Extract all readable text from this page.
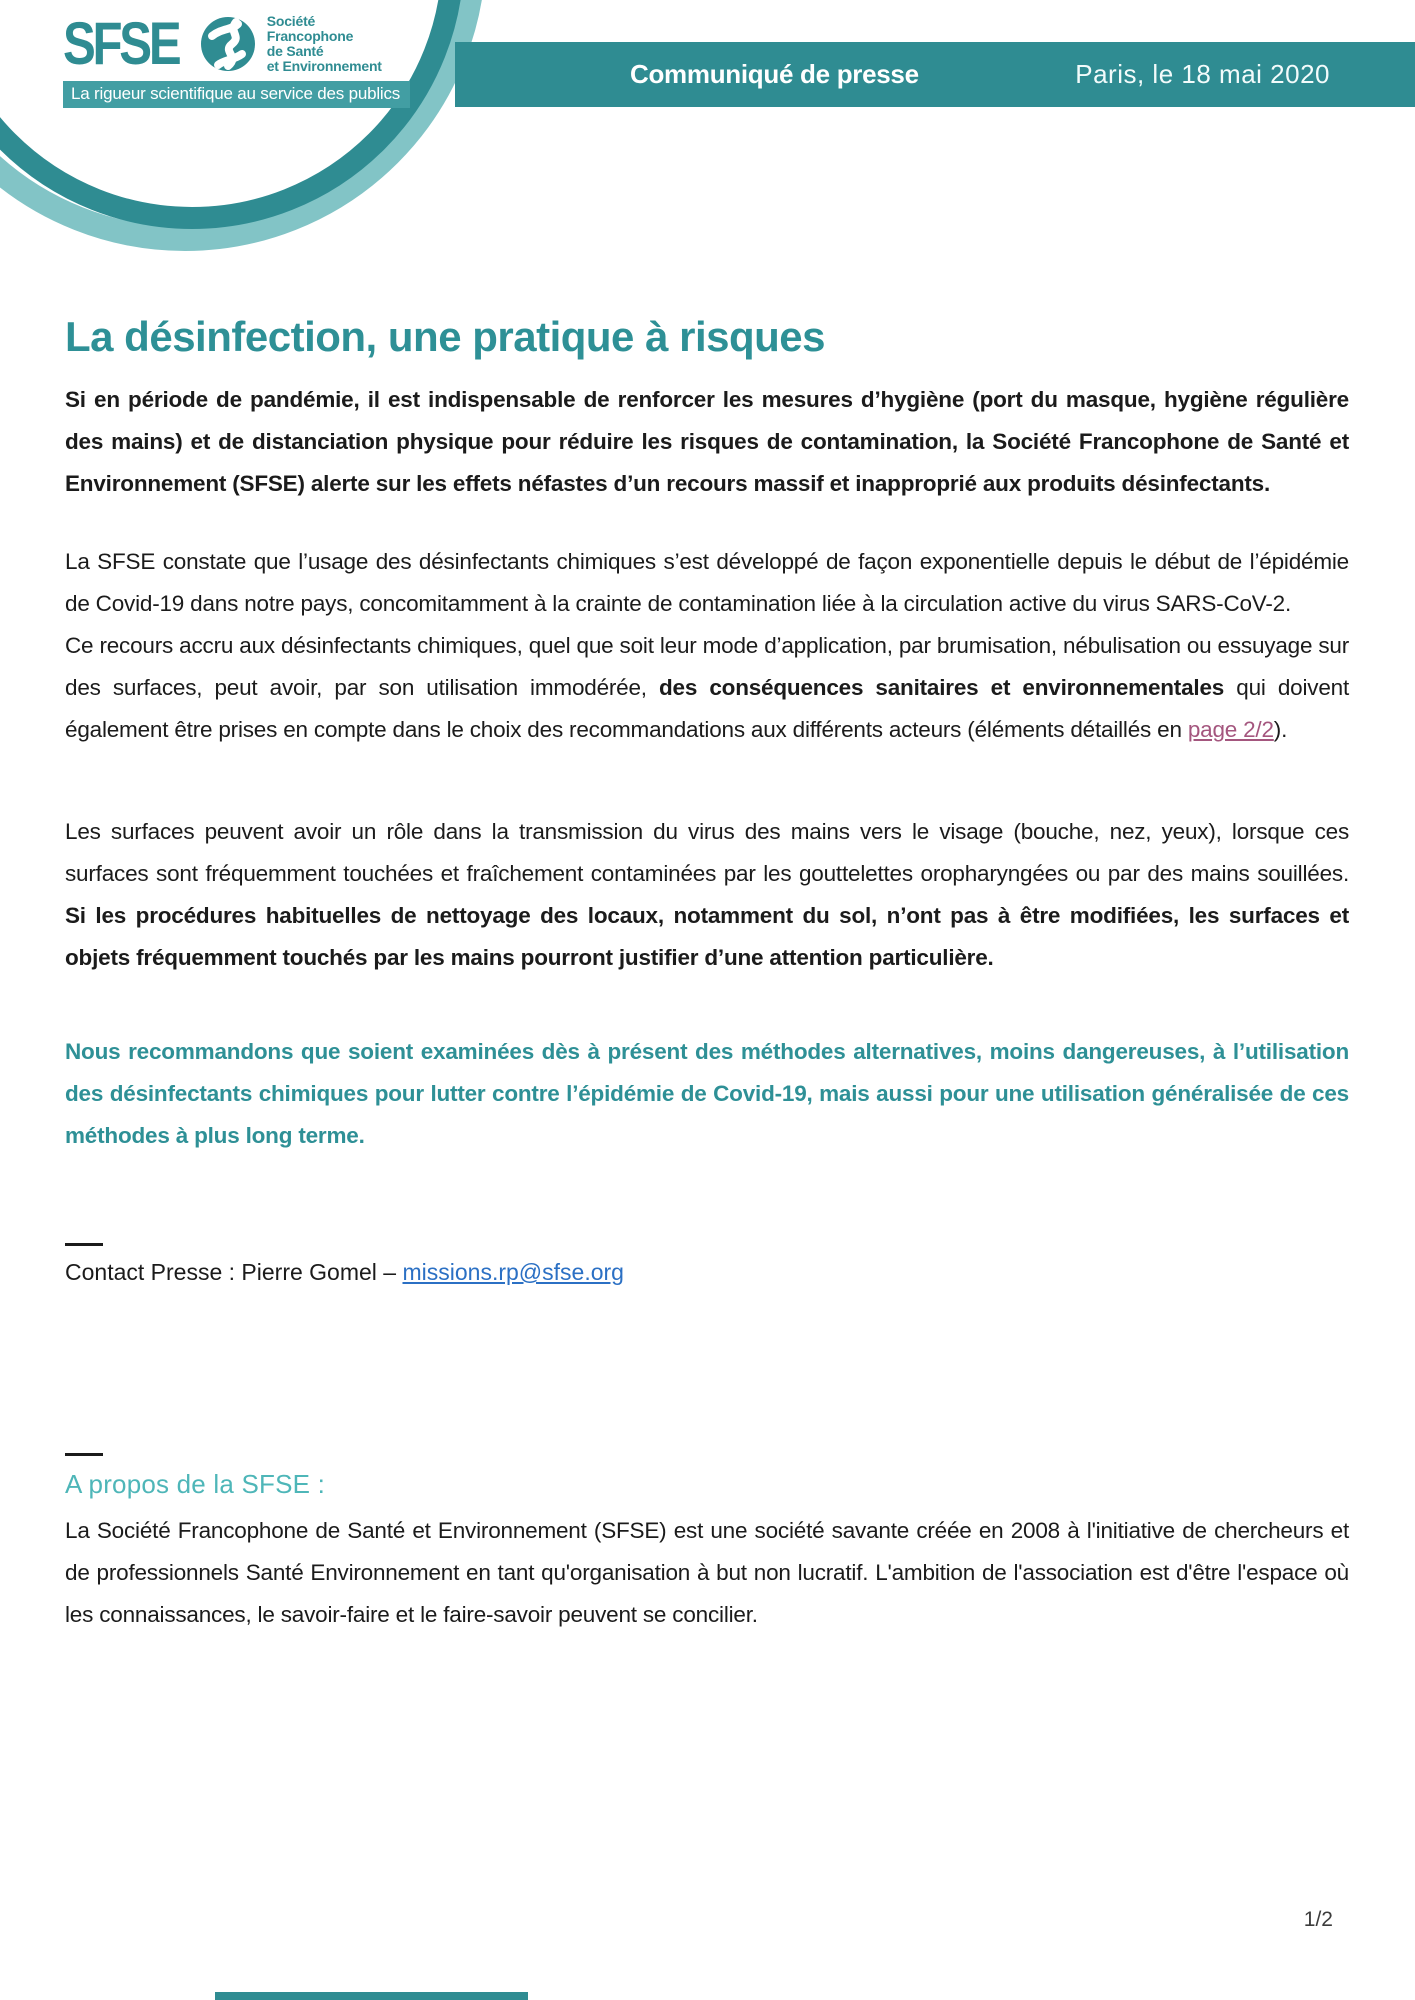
Communiqué de presse	Paris, le 18 mai 2020
SFSE	Société
Francophone
de Santé
et Environnement
La rigueur scientifique au service des publics
La désinfection, une pratique à risques

Si en période de pandémie, il est indispensable de renforcer les mesures d’hygiène (port du masque, hygiène régulière des mains) et de distanciation physique pour réduire les risques de contamination, la Société Francophone de Santé et Environnement (SFSE) alerte sur les effets néfastes d’un recours massif et inapproprié aux produits désinfectants.

La SFSE constate que l’usage des désinfectants chimiques s’est développé de façon exponentielle depuis le début de l’épidémie de Covid-19 dans notre pays, concomitamment à la crainte de contamination liée à la circulation active du virus SARS-CoV-2.
Ce recours accru aux désinfectants chimiques, quel que soit leur mode d’application, par brumisation, nébulisation ou essuyage sur des surfaces, peut avoir, par son utilisation immodérée, des conséquences sanitaires et environnementales qui doivent également être prises en compte dans le choix des recommandations aux différents acteurs (éléments détaillés en page 2/2).

Les surfaces peuvent avoir un rôle dans la transmission du virus des mains vers le visage (bouche, nez, yeux), lorsque ces surfaces sont fréquemment touchées et fraîchement contaminées par les gouttelettes oropharyngées ou par des mains souillées. Si les procédures habituelles de nettoyage des locaux, notamment du sol, n’ont pas à être modifiées, les surfaces et objets fréquemment touchés par les mains pourront justifier d’une attention particulière.

Nous recommandons que soient examinées dès à présent des méthodes alternatives, moins dangereuses, à l’utilisation des désinfectants chimiques pour lutter contre l’épidémie de Covid-19, mais aussi pour une utilisation généralisée de ces méthodes à plus long terme.

Contact Presse : Pierre Gomel – missions.rp@sfse.org
A propos de la SFSE :
La Société Francophone de Santé et Environnement (SFSE) est une société savante créée en 2008 à l'initiative de chercheurs et de professionnels Santé Environnement en tant qu'organisation à but non lucratif. L'ambition de l'association est d'être l'espace où les connaissances, le savoir-faire et le faire-savoir peuvent se concilier.
1/2
